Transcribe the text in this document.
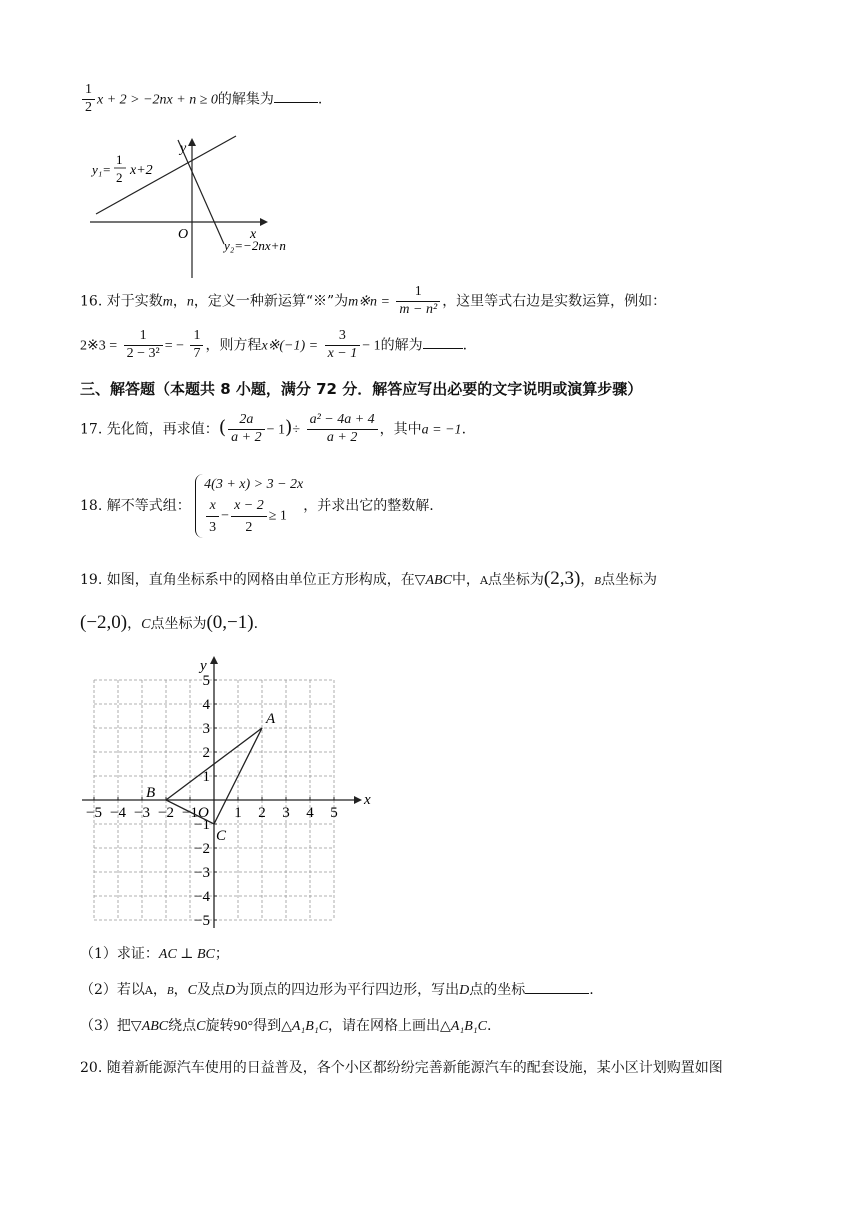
$\frac{1}{2}$ x + 2 > −2nx + n ≥ 0的解集为	.
y
x
O
y₁=
1
2 x+2
y₂=−2nx+n
16. 对于实数m，n，定义一种新运算“※”为m※n = $\frac{1}{\text{m − n²}}$ ，这里等式右边是实数运算，例如：
2※3 = $\frac{1}{\text{2 − 3²}}$ = − $\frac{1}{7}$ ，则方程x※(−1) = $\frac{3}{x - 1} - 1$的解为	.
三、解答题（本题共 8 小题，满分 72 分．解答应写出必要的文字说明或演算步骤）
17. 先化简，再求值：( $\frac{2a}{a + 2} - 1)\div \frac{\text{a² − 4a + 4}}{a + 2}$ ，其中a = −1.
18. 解不等式组：
4(3 + x) > 3 − 2x
$\frac{x}{3} - \frac{x - 2}{2} \ge 1$
，并求出它的整数解.
19. 如图，直角坐标系中的网格由单位正方形构成，在▽ABC中，A点坐标为(2,3)，B点坐标为
(−2,0)，C点坐标为(0,−1).
x
y
O
−5 −4 −3 −2 −1 1 2 3 4 5
5
4
3
2
1
−1
−2
−3
−4
−5
A
B
C
（1）求证：AC ⊥ BC；
（2）若以A，B，C及点D为顶点的四边形为平行四边形，写出D点的坐标	.
（3）把▽ABC绕点C旋转90°得到△A₁B₁C，请在网格上画出△A₁B₁C.
20. 随着新能源汽车使用的日益普及，各个小区都纷纷完善新能源汽车的配套设施，某小区计划购置如图
